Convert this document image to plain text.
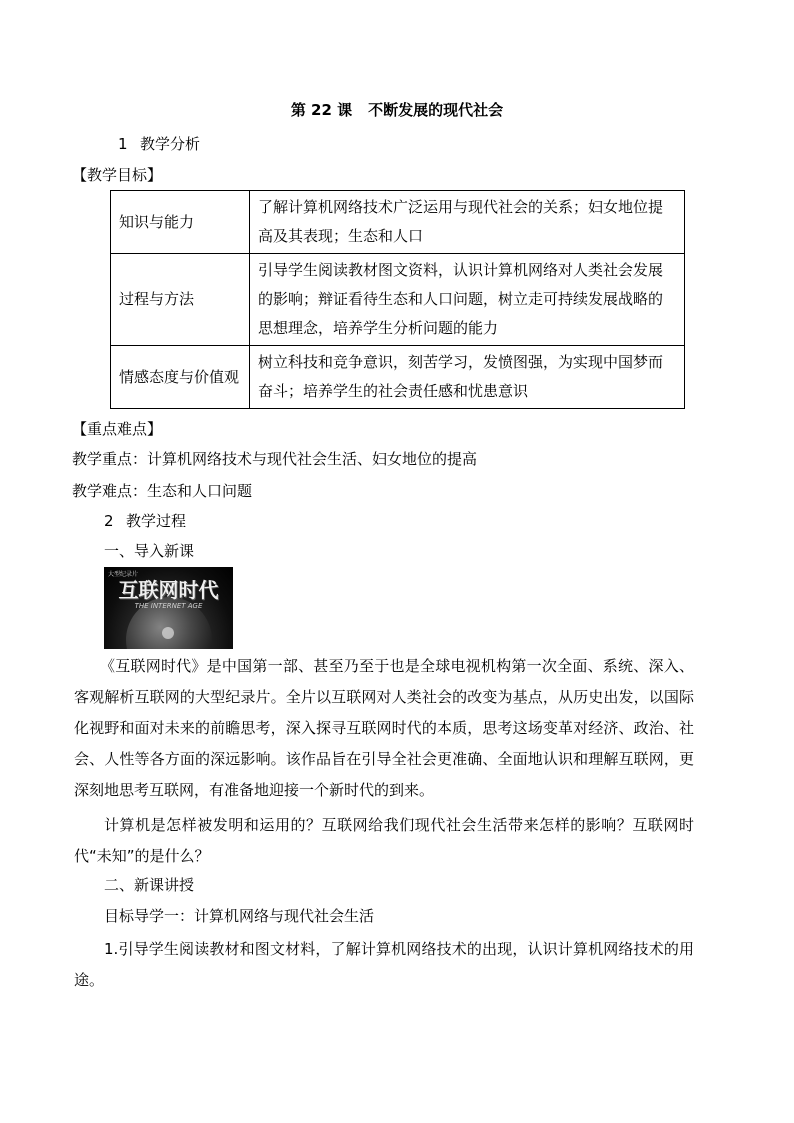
第 22 课 不断发展的现代社会
1 教学分析
【教学目标】
知识与能力	了解计算机网络技术广泛运用与现代社会的关系；妇女地位提高及其表现；生态和人口
过程与方法	引导学生阅读教材图文资料，认识计算机网络对人类社会发展的影响；辩证看待生态和人口问题，树立走可持续发展战略的思想理念，培养学生分析问题的能力
情感态度与价值观	树立科技和竞争意识，刻苦学习，发愤图强，为实现中国梦而奋斗；培养学生的社会责任感和忧患意识
【重点难点】
教学重点：计算机网络技术与现代社会生活、妇女地位的提高
教学难点：生态和人口问题
2 教学过程
一、导入新课
大型纪录片
互联网时代
THE INTERNET AGE
《互联网时代》是中国第一部、甚至乃至于也是全球电视机构第一次全面、系统、深入、客观解析互联网的大型纪录片。全片以互联网对人类社会的改变为基点，从历史出发，以国际化视野和面对未来的前瞻思考，深入探寻互联网时代的本质，思考这场变革对经济、政治、社会、人性等各方面的深远影响。该作品旨在引导全社会更准确、全面地认识和理解互联网，更深刻地思考互联网，有准备地迎接一个新时代的到来。
计算机是怎样被发明和运用的？互联网给我们现代社会生活带来怎样的影响？互联网时代“未知”的是什么？
二、新课讲授
目标导学一：计算机网络与现代社会生活
1.引导学生阅读教材和图文材料，了解计算机网络技术的出现，认识计算机网络技术的用途。
